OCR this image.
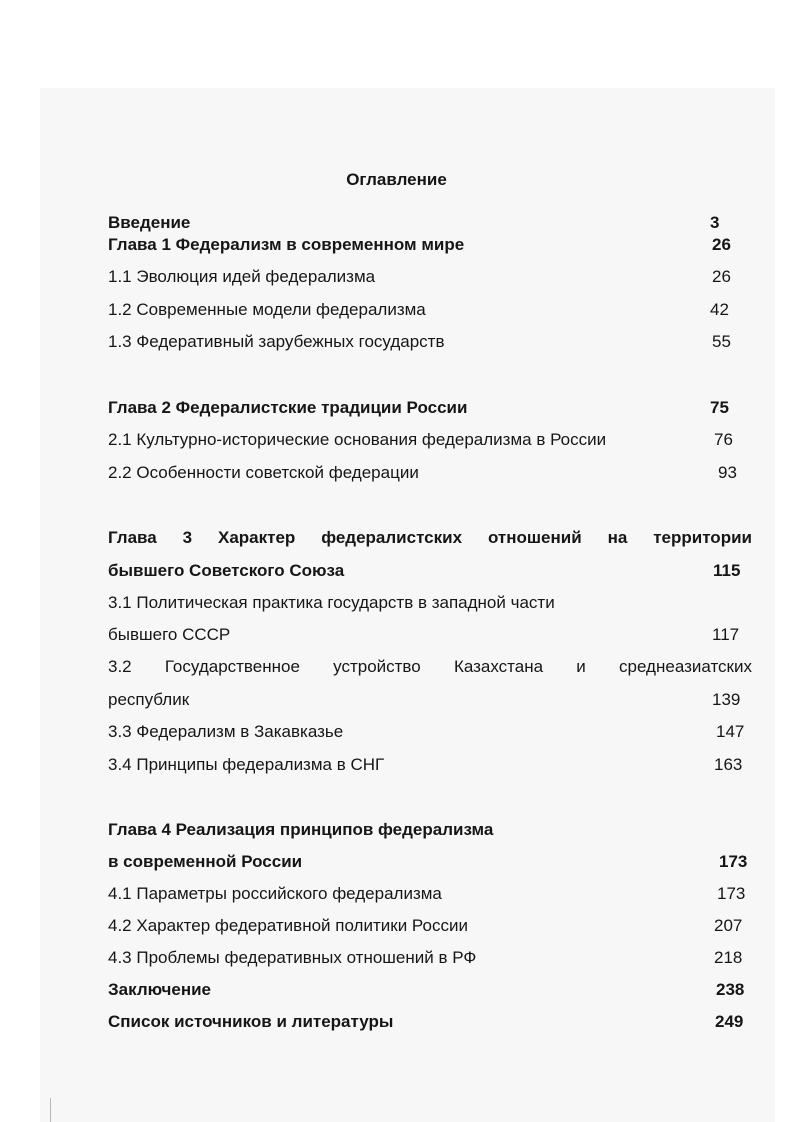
Оглавление
Введение	3
Глава 1 Федерализм в современном мире	26
1.1 Эволюция идей федерализма	26
1.2 Современные модели федерализма	42
1.3 Федеративный зарубежных государств	55
Глава 2 Федералистские традиции России	75
2.1 Культурно-исторические основания федерализма в России	76
2.2 Особенности советской федерации	93
Глава 3 Характер федералистских отношений на территории
бывшего Советского Союза	115
3.1 Политическая практика государств в западной части
бывшего СССР	117
3.2 Государственное устройство Казахстана и среднеазиатских
республик	139
3.3 Федерализм в Закавказье	147
3.4 Принципы федерализма в СНГ	163
Глава 4 Реализация принципов федерализма
в современной России	173
4.1 Параметры российского федерализма	173
4.2 Характер федеративной политики России	207
4.3 Проблемы федеративных отношений в РФ	218
Заключение	238
Список источников и литературы	249
